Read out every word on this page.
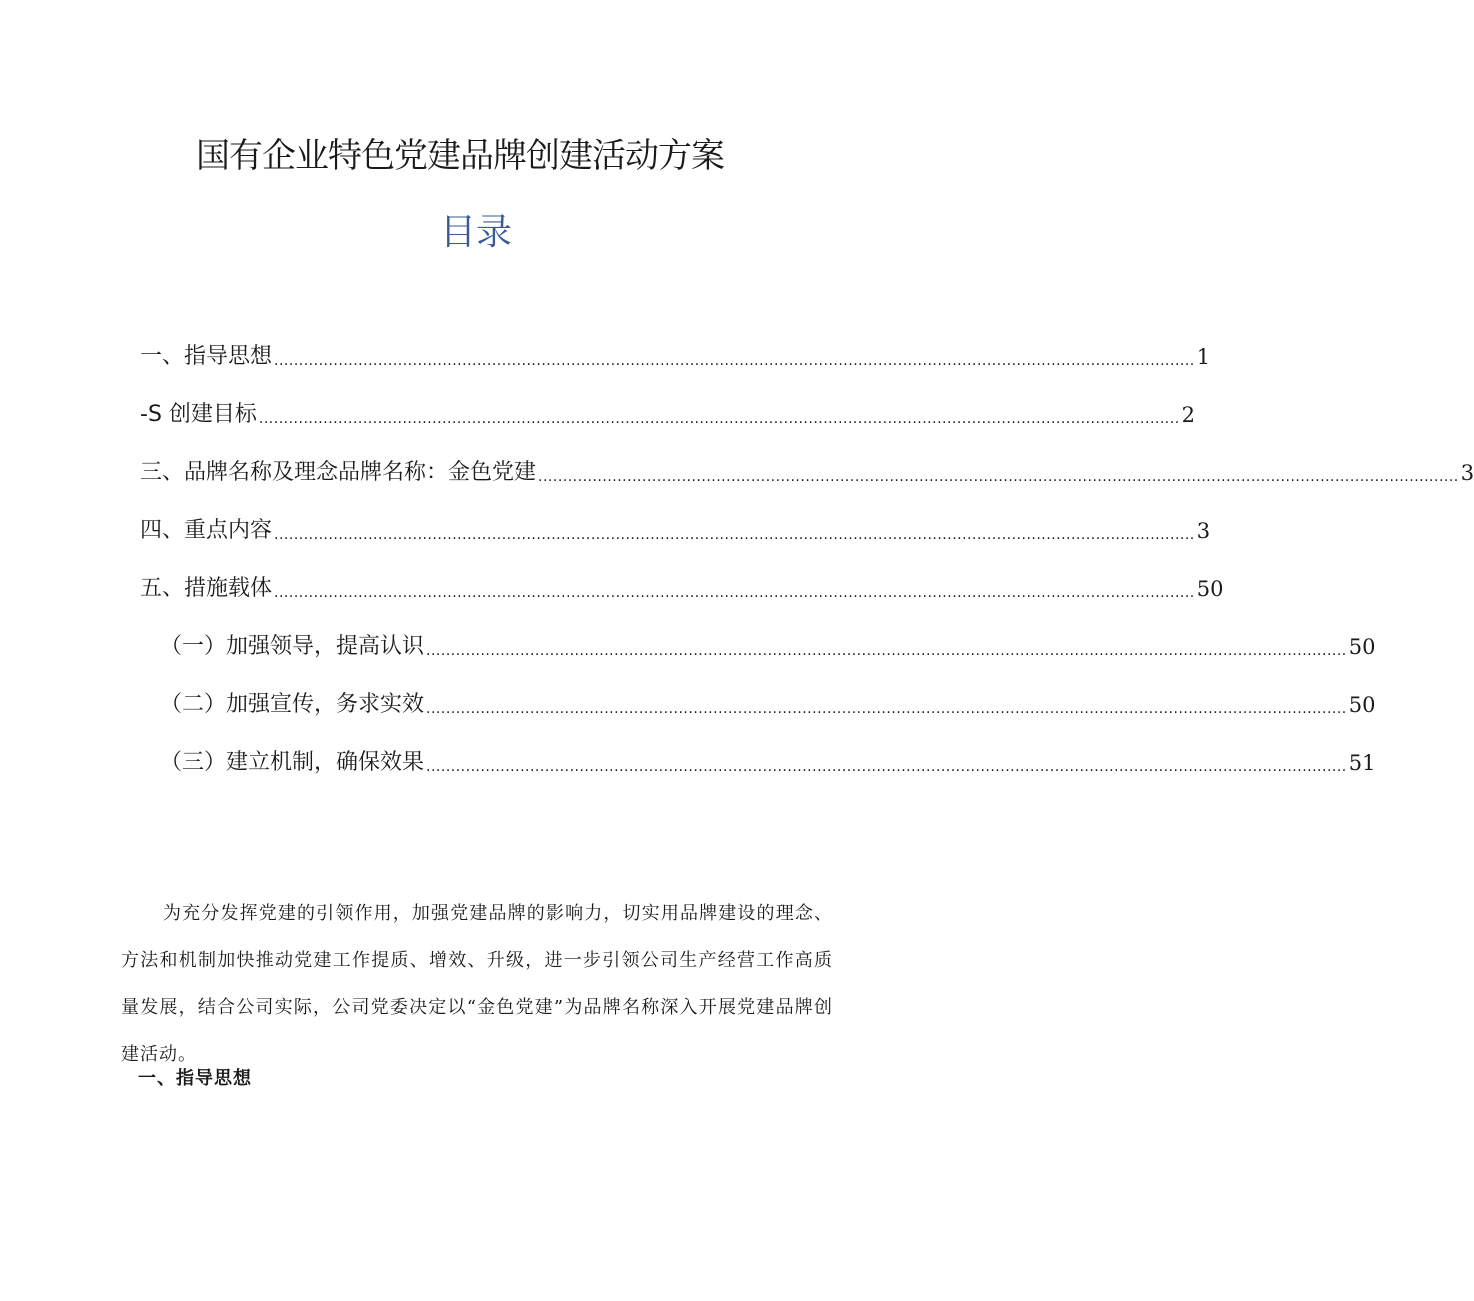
国有企业特色党建品牌创建活动方案
目录
一、指导思想 .......................................................................................................................................................................................... 1
-S 创建目标 .......................................................................................................................................................................................... 2
三、品牌名称及理念品牌名称：金色党建 .......................................................................................................................................................................................... 3
四、重点内容 .......................................................................................................................................................................................... 3
五、措施载体 .......................................................................................................................................................................................... 50
（一）加强领导，提高认识 .......................................................................................................................................................................................... 50
（二）加强宣传，务求实效 .......................................................................................................................................................................................... 50
（三）建立机制，确保效果 .......................................................................................................................................................................................... 51

为充分发挥党建的引领作用，加强党建品牌的影响力，切实用品牌建设的理念、方法和机制加快推动党建工作提质、增效、升级，进一步引领公司生产经营工作高质量发展，结合公司实际，公司党委决定以“金色党建”为品牌名称深入开展党建品牌创建活动。

一、指导思想
